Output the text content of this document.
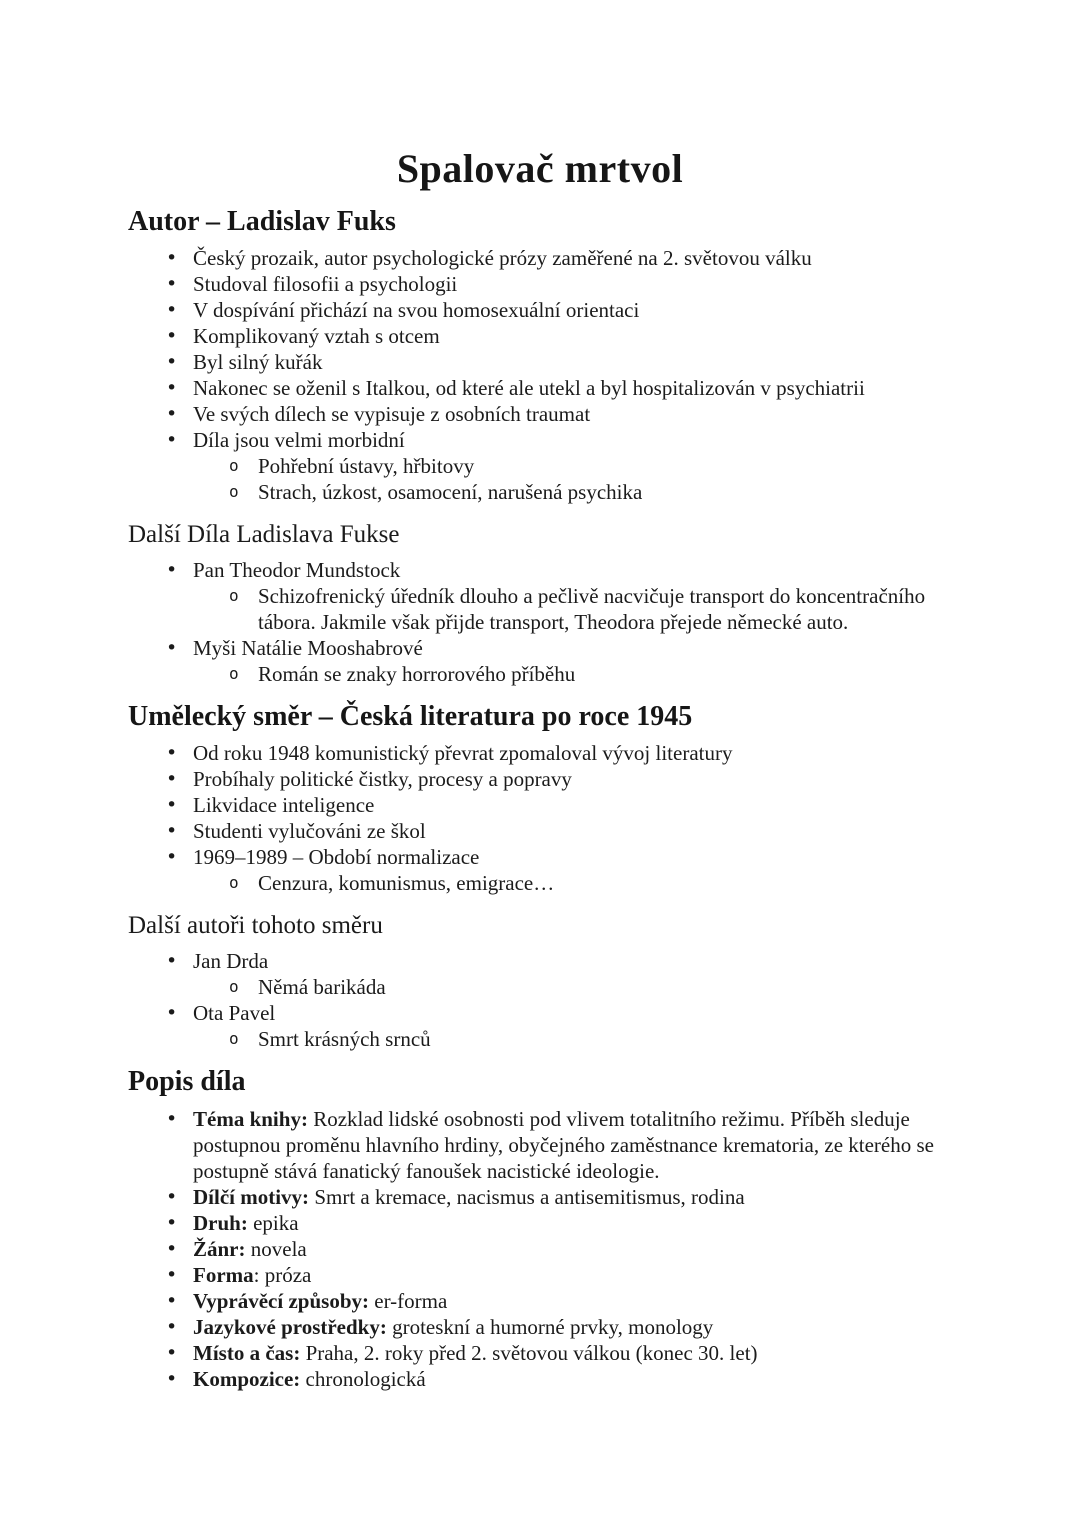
Spalovač mrtvol
Autor – Ladislav Fuks
• Český prozaik, autor psychologické prózy zaměřené na 2. světovou válku
• Studoval filosofii a psychologii
• V dospívání přichází na svou homosexuální orientaci
• Komplikovaný vztah s otcem
• Byl silný kuřák
• Nakonec se oženil s Italkou, od které ale utekl a byl hospitalizován v psychiatrii
• Ve svých dílech se vypisuje z osobních traumat
• Díla jsou velmi morbidní
o Pohřební ústavy, hřbitovy
o Strach, úzkost, osamocení, narušená psychika
Další Díla Ladislava Fukse
• Pan Theodor Mundstock
o Schizofrenický úředník dlouho a pečlivě nacvičuje transport do koncentračního tábora. Jakmile však přijde transport, Theodora přejede německé auto.
• Myši Natálie Mooshabrové
o Román se znaky horrorového příběhu
Umělecký směr – Česká literatura po roce 1945
• Od roku 1948 komunistický převrat zpomaloval vývoj literatury
• Probíhaly politické čistky, procesy a popravy
• Likvidace inteligence
• Studenti vylučováni ze škol
• 1969–1989 – Období normalizace
o Cenzura, komunismus, emigrace…
Další autoři tohoto směru
• Jan Drda
o Němá barikáda
• Ota Pavel
o Smrt krásných srnců
Popis díla
• Téma knihy: Rozklad lidské osobnosti pod vlivem totalitního režimu. Příběh sleduje postupnou proměnu hlavního hrdiny, obyčejného zaměstnance krematoria, ze kterého se postupně stává fanatický fanoušek nacistické ideologie.
• Dílčí motivy: Smrt a kremace, nacismus a antisemitismus, rodina
• Druh: epika
• Žánr: novela
• Forma: próza
• Vyprávěcí způsoby: er-forma
• Jazykové prostředky: groteskní a humorné prvky, monology
• Místo a čas: Praha, 2. roky před 2. světovou válkou (konec 30. let)
• Kompozice: chronologická
